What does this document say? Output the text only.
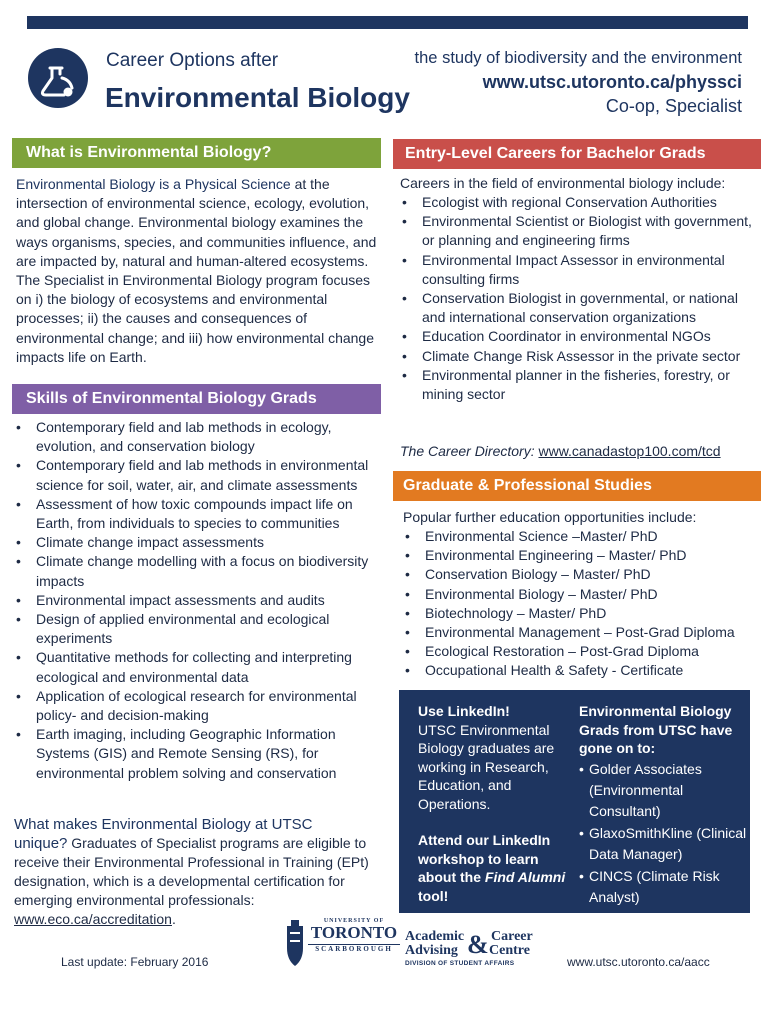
Career Options after
Environmental Biology
the study of biodiversity and the environment
www.utsc.utoronto.ca/physsci
Co-op, Specialist
What is Environmental Biology?
Environmental Biology is a Physical Science at the intersection of environmental science, ecology, evolution, and global change. Environmental biology examines the ways organisms, species, and communities influence, and are impacted by, natural and human-altered ecosystems. The Specialist in Environmental Biology program focuses on i) the biology of ecosystems and environmental processes; ii) the causes and consequences of environmental change; and iii) how environmental change impacts life on Earth.
Skills of Environmental Biology Grads
• Contemporary field and lab methods in ecology, evolution, and conservation biology
• Contemporary field and lab methods in environmental science for soil, water, air, and climate assessments
• Assessment of how toxic compounds impact life on Earth, from individuals to species to communities
• Climate change impact assessments
• Climate change modelling with a focus on biodiversity impacts
• Environmental impact assessments and audits
• Design of applied environmental and ecological experiments
• Quantitative methods for collecting and interpreting ecological and environmental data
• Application of ecological research for environmental policy- and decision-making
• Earth imaging, including Geographic Information Systems (GIS) and Remote Sensing (RS), for environmental problem solving and conservation
What makes Environmental Biology at UTSC
unique? Graduates of Specialist programs are eligible to receive their Environmental Professional in Training (EPt) designation, which is a developmental certification for emerging environmental professionals:
www.eco.ca/accreditation.
Entry-Level Careers for Bachelor Grads
Careers in the field of environmental biology include:
• Ecologist with regional Conservation Authorities
• Environmental Scientist or Biologist with government, or planning and engineering firms
• Environmental Impact Assessor in environmental consulting firms
• Conservation Biologist in governmental, or national and international conservation organizations
• Education Coordinator in environmental NGOs
• Climate Change Risk Assessor in the private sector
• Environmental planner in the fisheries, forestry, or mining sector
The Career Directory: www.canadastop100.com/tcd
Graduate & Professional Studies
Popular further education opportunities include:
• Environmental Science –Master/ PhD
• Environmental Engineering – Master/ PhD
• Conservation Biology – Master/ PhD
• Environmental Biology – Master/ PhD
• Biotechnology – Master/ PhD
• Environmental Management – Post-Grad Diploma
• Ecological Restoration – Post-Grad Diploma
• Occupational Health & Safety - Certificate
Use LinkedIn!
UTSC Environmental Biology graduates are working in Research, Education, and Operations.
Attend our LinkedIn workshop to learn about the Find Alumni tool!
Environmental Biology Grads from UTSC have gone on to:
• Golder Associates (Environmental Consultant)
• GlaxoSmithKline (Clinical Data Manager)
• CINCS (Climate Risk Analyst)
Last update: February 2016
UNIVERSITY OF
TORONTO
SCARBOROUGH
Academic
Advising & Career
Centre
DIVISION OF STUDENT AFFAIRS	www.utsc.utoronto.ca/aacc
